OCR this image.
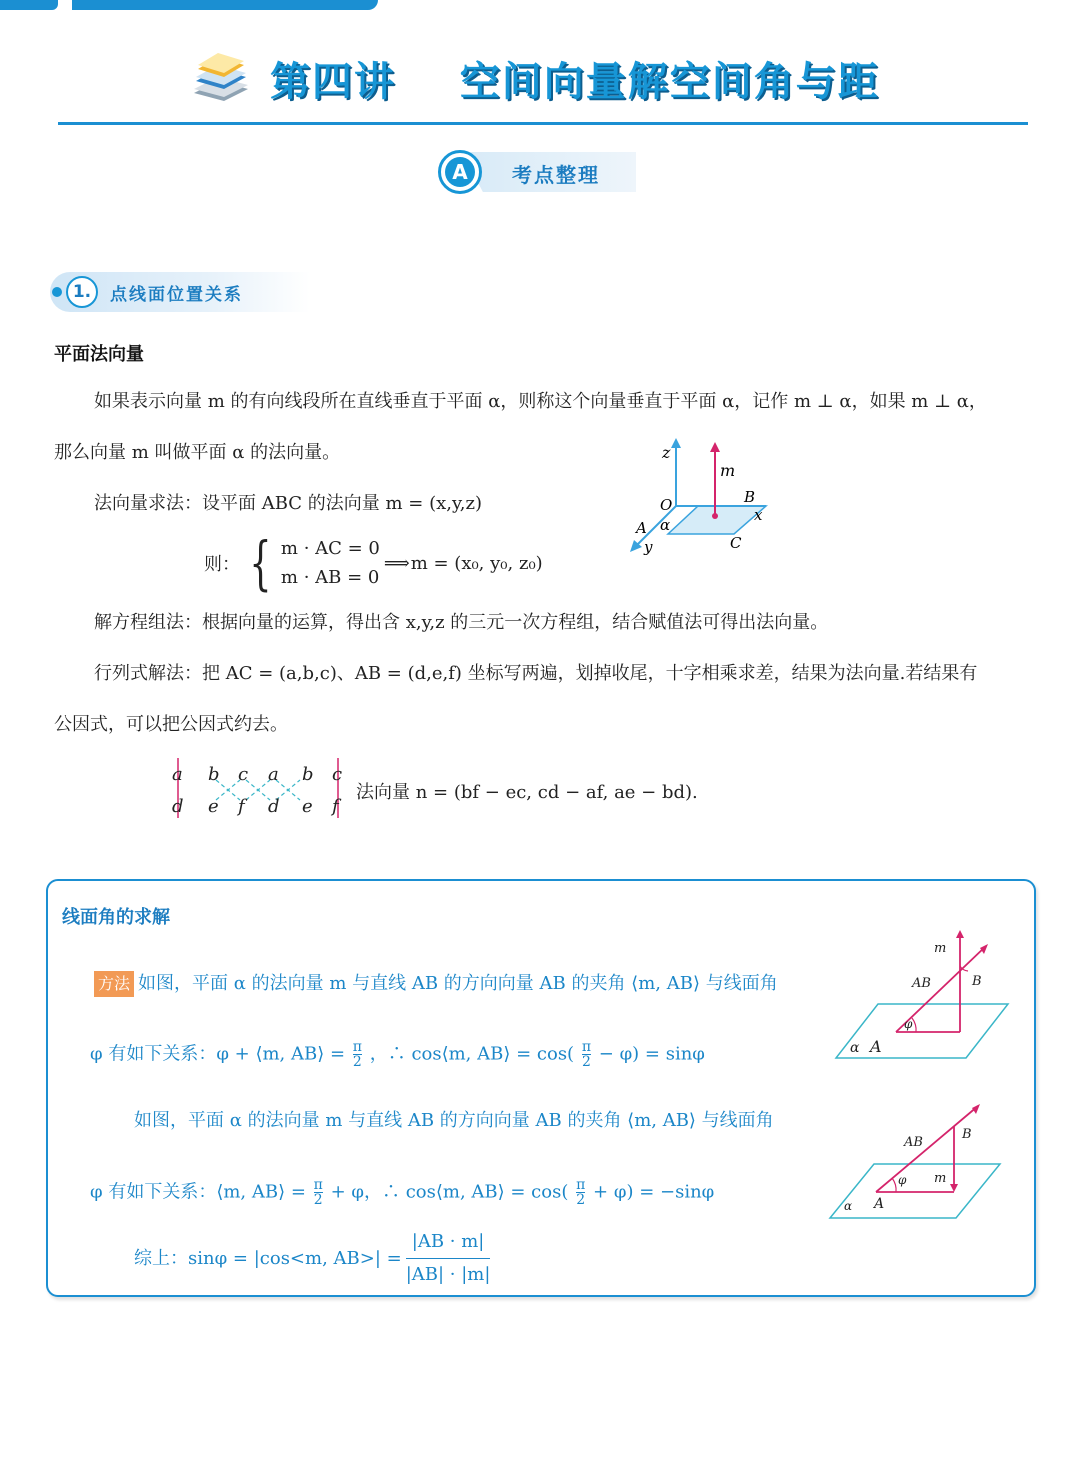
第四讲    空间向量解空间角与距
A	考点整理
1.	点线面位置关系
平面法向量
如果表示向量 m 的有向线段所在直线垂直于平面 α，则称这个向量垂直于平面 α，记作 m ⊥ α，如果 m ⊥ α，
那么向量 m 叫做平面 α 的法向量。
法向量求法：设平面 ABC 的法向量 m = (x,y,z)
则： { m · AC = 0
m · AB = 0
⟹ m = (x₀, y₀, z₀)
z
m
O	B
x
A α
y	C
解方程组法：根据向量的运算，得出含 x,y,z 的三元一次方程组，结合赋值法可得出法向量。
行列式解法：把 AC = (a,b,c)、AB = (d,e,f) 坐标写两遍，划掉收尾，十字相乘求差，结果为法向量.若结果有
公因式，可以把公因式约去。
a b c a b c
d e f d e f
法向量 n = (bf − ec, cd − af, ae − bd).
线面角的求解
方法 如图，平面 α 的法向量 m 与直线 AB 的方向向量 AB 的夹角 ⟨m, AB⟩ 与线面角
φ 有如下关系：φ + ⟨m, AB⟩ = $\frac{\pi}{2}$ ，∴ cos⟨m, AB⟩ = $\cos( \frac{\pi}{2} - \varphi) = \sin\varphi$
如图，平面 α 的法向量 m 与直线 AB 的方向向量 AB 的夹角 ⟨m, AB⟩ 与线面角
φ 有如下关系：⟨m, AB⟩ = $\frac{\pi}{2} + \varphi$，∴ cos⟨m, AB⟩ = $\cos( \frac{\pi}{2} + \varphi) = -\sin\varphi$
综上：sinφ = |cos<m, AB>| =
|AB · m|
|AB| · |m|
m
AB	B
φ
α A
AB
B
φ m
α A
